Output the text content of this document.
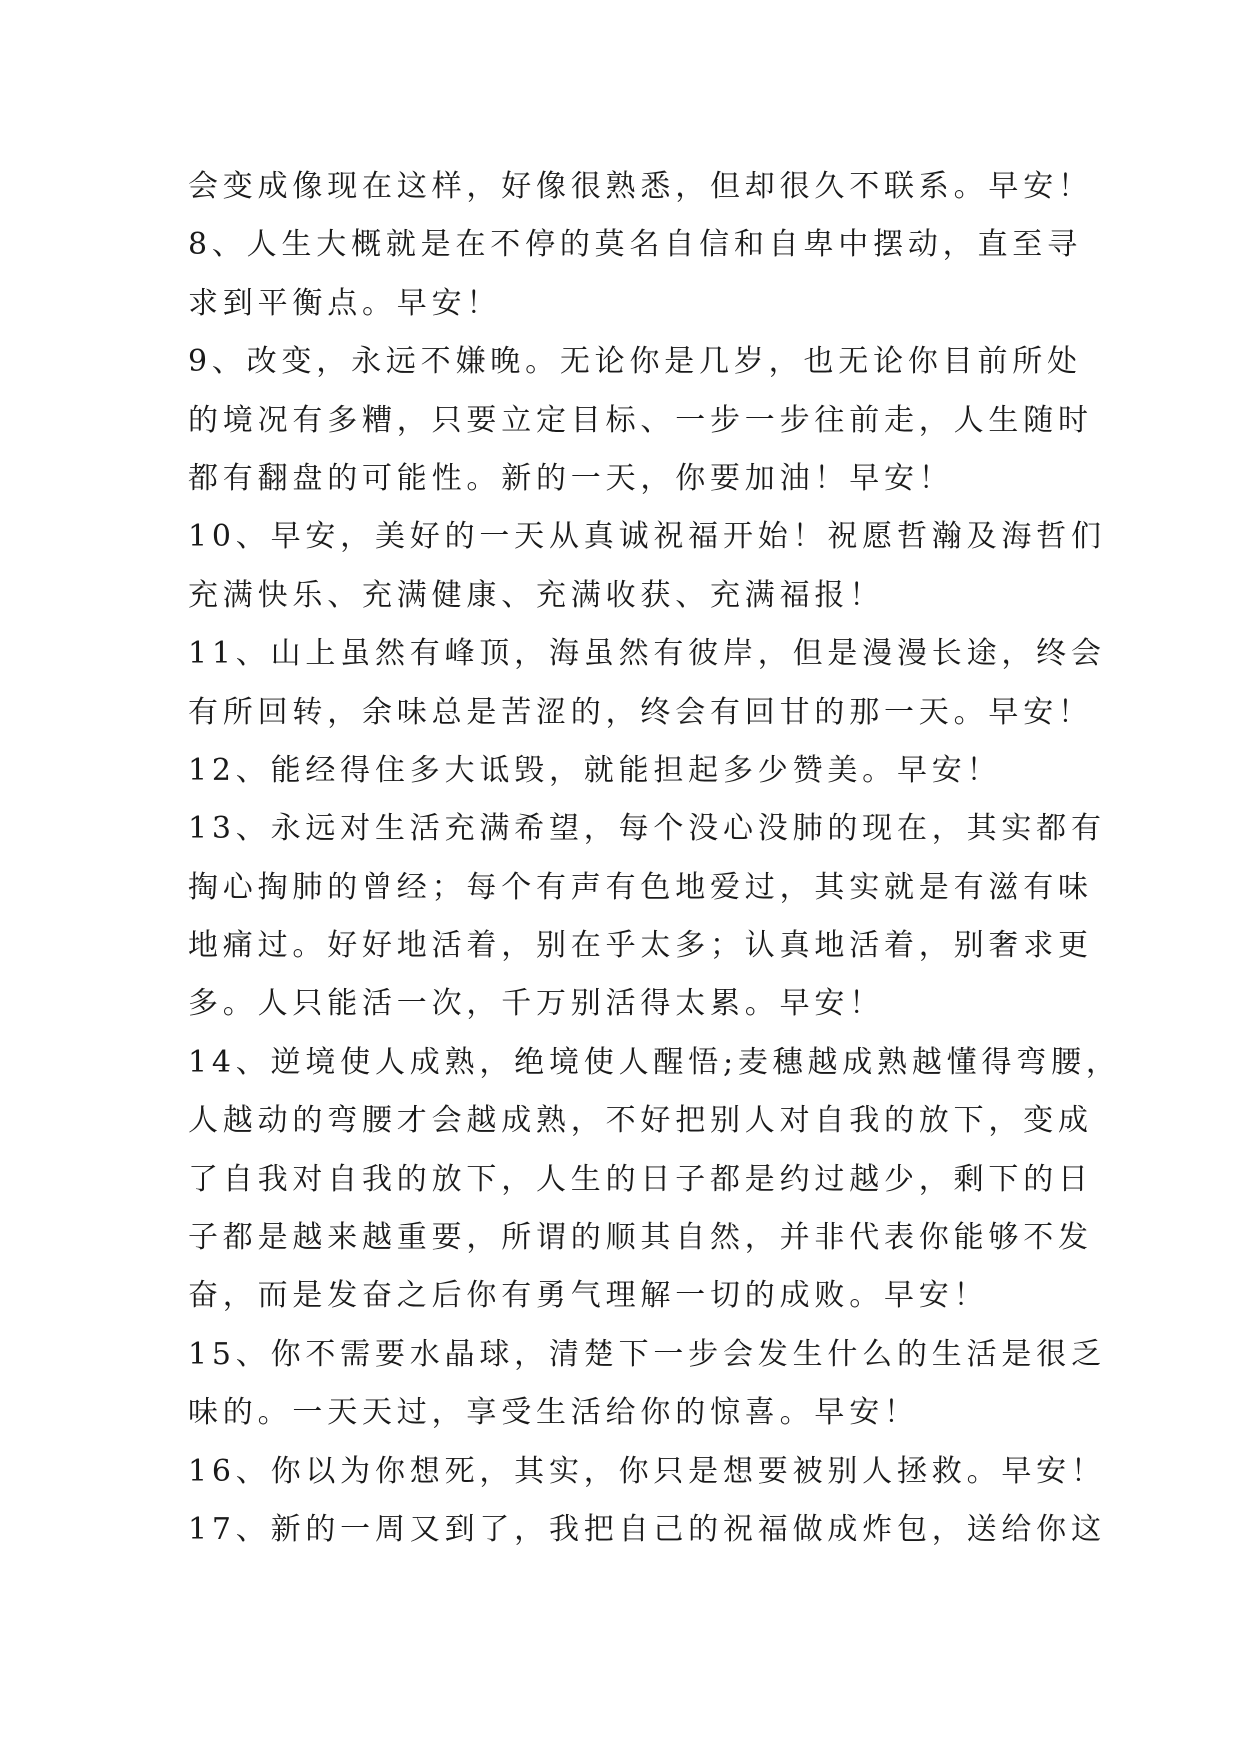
会变成像现在这样，好像很熟悉，但却很久不联系。早安！
8、人生大概就是在不停的莫名自信和自卑中摆动，直至寻
求到平衡点。早安！
9、改变，永远不嫌晚。无论你是几岁，也无论你目前所处
的境况有多糟，只要立定目标、一步一步往前走，人生随时
都有翻盘的可能性。新的一天，你要加油！早安！
10、早安，美好的一天从真诚祝福开始！祝愿哲瀚及海哲们
充满快乐、充满健康、充满收获、充满福报！
11、山上虽然有峰顶，海虽然有彼岸，但是漫漫长途，终会
有所回转，余味总是苦涩的，终会有回甘的那一天。早安！
12、能经得住多大诋毁，就能担起多少赞美。早安！
13、永远对生活充满希望，每个没心没肺的现在，其实都有
掏心掏肺的曾经；每个有声有色地爱过，其实就是有滋有味
地痛过。好好地活着，别在乎太多；认真地活着，别奢求更
多。人只能活一次，千万别活得太累。早安！
14、逆境使人成熟，绝境使人醒悟;麦穗越成熟越懂得弯腰，
人越动的弯腰才会越成熟，不好把别人对自我的放下，变成
了自我对自我的放下，人生的日子都是约过越少，剩下的日
子都是越来越重要，所谓的顺其自然，并非代表你能够不发
奋，而是发奋之后你有勇气理解一切的成败。早安！
15、你不需要水晶球，清楚下一步会发生什么的生活是很乏
味的。一天天过，享受生活给你的惊喜。早安！
16、你以为你想死，其实，你只是想要被别人拯救。早安！
17、新的一周又到了，我把自己的祝福做成炸包，送给你这
